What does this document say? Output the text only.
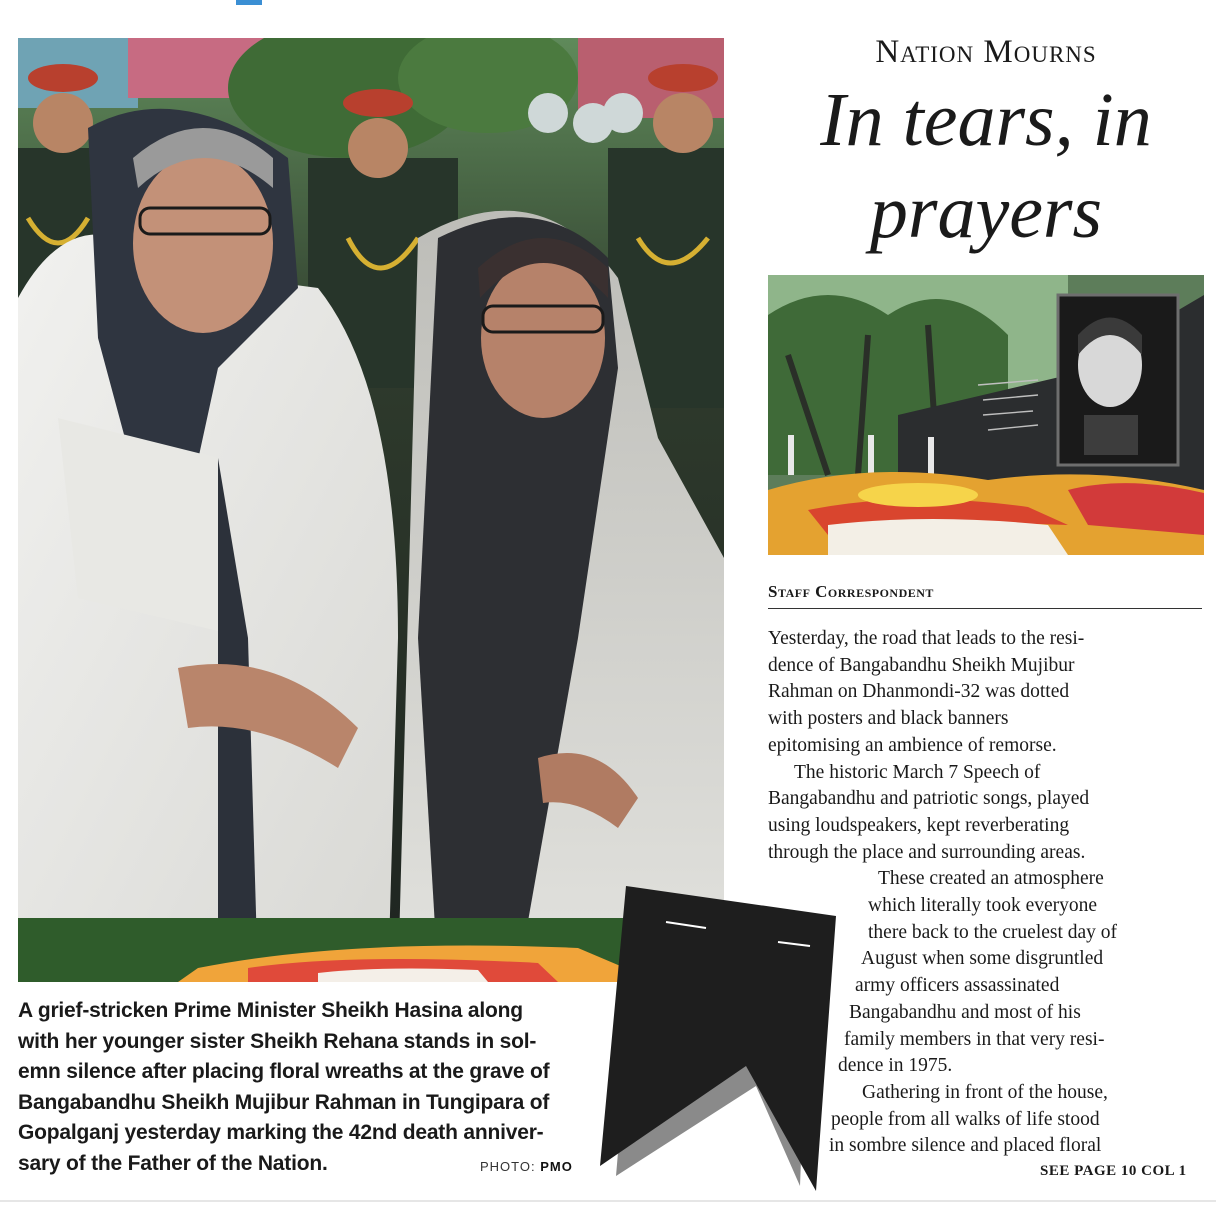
A grief-stricken Prime Minister Sheikh Hasina along
with her younger sister Sheikh Rehana stands in sol-
emn silence after placing floral wreaths at the grave of
Bangabandhu Sheikh Mujibur Rahman in Tungipara of
Gopalganj yesterday marking the 42nd death anniver-
sary of the Father of the Nation.	PHOTO: PMO
Nation Mourns
In tears, in
prayers
Staff Correspondent
Yesterday, the road that leads to the resi-
dence of Bangabandhu Sheikh Mujibur
Rahman on Dhanmondi-32 was dotted
with posters and black banners
epitomising an ambience of remorse.
The historic March 7 Speech of
Bangabandhu and patriotic songs, played
using loudspeakers, kept reverberating
through the place and surrounding areas.
These created an atmosphere
which literally took everyone
there back to the cruelest day of
August when some disgruntled
army officers assassinated
Bangabandhu and most of his
family members in that very resi-
dence in 1975.
Gathering in front of the house,
people from all walks of life stood
in sombre silence and placed floral
SEE PAGE 10 COL 1
